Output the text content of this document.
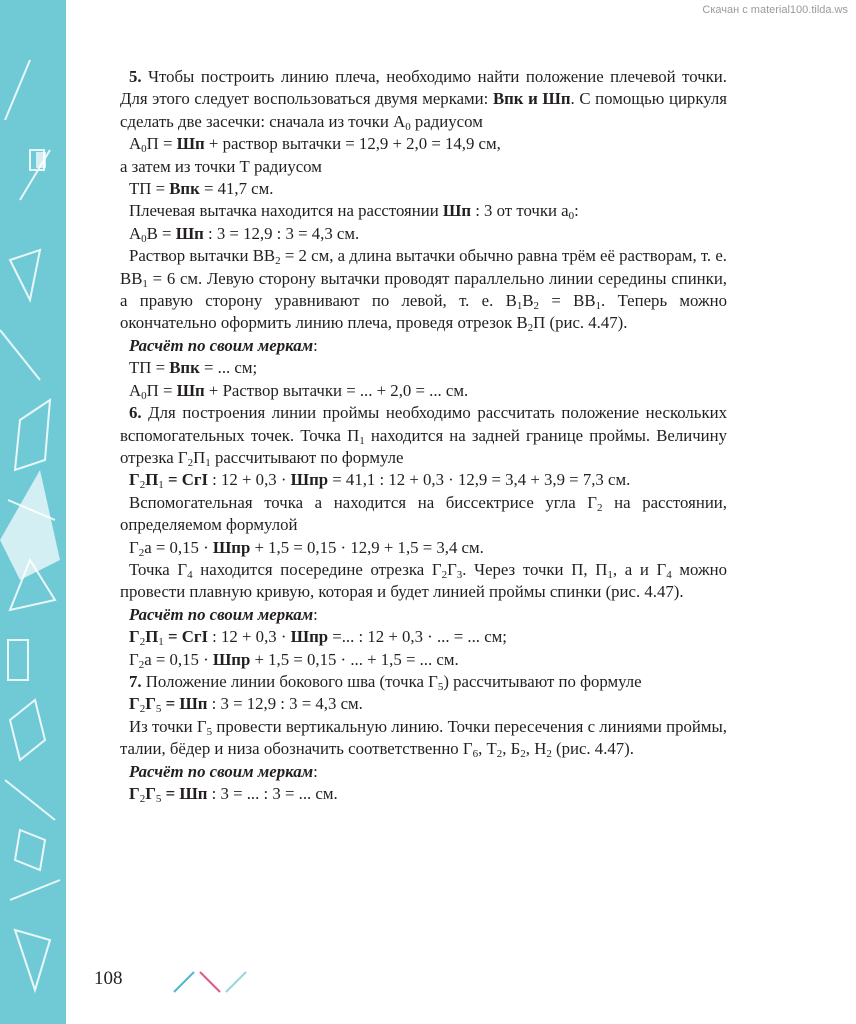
Скачан с material100.tilda.ws

5. Чтобы построить линию плеча, необходимо найти положение плечевой точки. Для этого следует воспользоваться двумя мерками: Впк и Шп. С помощью циркуля сделать две засечки: сначала из точки $A_0$ радиусом

$A_0П$ = Шп + раствор вытачки = 12,9 + 2,0 = 14,9 см,

а затем из точки Т радиусом

ТП = Впк = 41,7 см.

Плечевая вытачка находится на расстоянии Шп : 3 от точки $a_0$:

$A_0B$ = Шп : 3 = 12,9 : 3 = 4,3 см.

Раствор вытачки $BB_2 = 2$ см, а длина вытачки обычно равна трём её растворам, т. е. $BB_1 = 6$ см. Левую сторону вытачки проводят параллельно линии середины спинки, а правую сторону уравнивают по левой, т. е. $B_1B_2 = BB_1$. Теперь можно окончательно оформить линию плеча, проведя отрезок $B_2П$ (рис. 4.47).

Расчёт по своим меркам:

ТП = Впк = ... см;

$A_0П$ = Шп + Раствор вытачки = ... + 2,0 = ... см.

6. Для построения линии проймы необходимо рассчитать положение нескольких вспомогательных точек. Точка $П_1$ находится на задней границе проймы. Величину отрезка $Г_2П_1$ рассчитывают по формуле

$Г_2П_1$ = СгI : 12 + 0,3 · Шпр = 41,1 : 12 + 0,3 · 12,9 = 3,4 + 3,9 = 7,3 см.

Вспомогательная точка а находится на биссектрисе угла $Г_2$ на расстоянии, определяемом формулой

$Г_2a = 0,15$ · Шпр + 1,5 = 0,15 · 12,9 + 1,5 = 3,4 см.

Точка $Г_4$ находится посередине отрезка $Г_2Г_3$. Через точки П, $П_1$, а и $Г_4$ можно провести плавную кривую, которая и будет линией проймы спинки (рис. 4.47).

Расчёт по своим меркам:

$Г_2П_1$ = СгI : 12 + 0,3 · Шпр =... : 12 + 0,3 · ... = ... см;

$Г_2a = 0,15$ · Шпр + 1,5 = 0,15 · ... + 1,5 = ... см.

7. Положение линии бокового шва (точка $Г_5$) рассчитывают по формуле

$Г_2Г_5$ = Шп : 3 = 12,9 : 3 = 4,3 см.

Из точки $Г_5$ провести вертикальную линию. Точки пересечения с линиями проймы, талии, бёдер и низа обозначить соответственно $Г_6$, $Т_2$, $Б_2$, $Н_2$ (рис. 4.47).

Расчёт по своим меркам:

$Г_2Г_5$ = Шп : 3 = ... : 3 = ... см.

108
